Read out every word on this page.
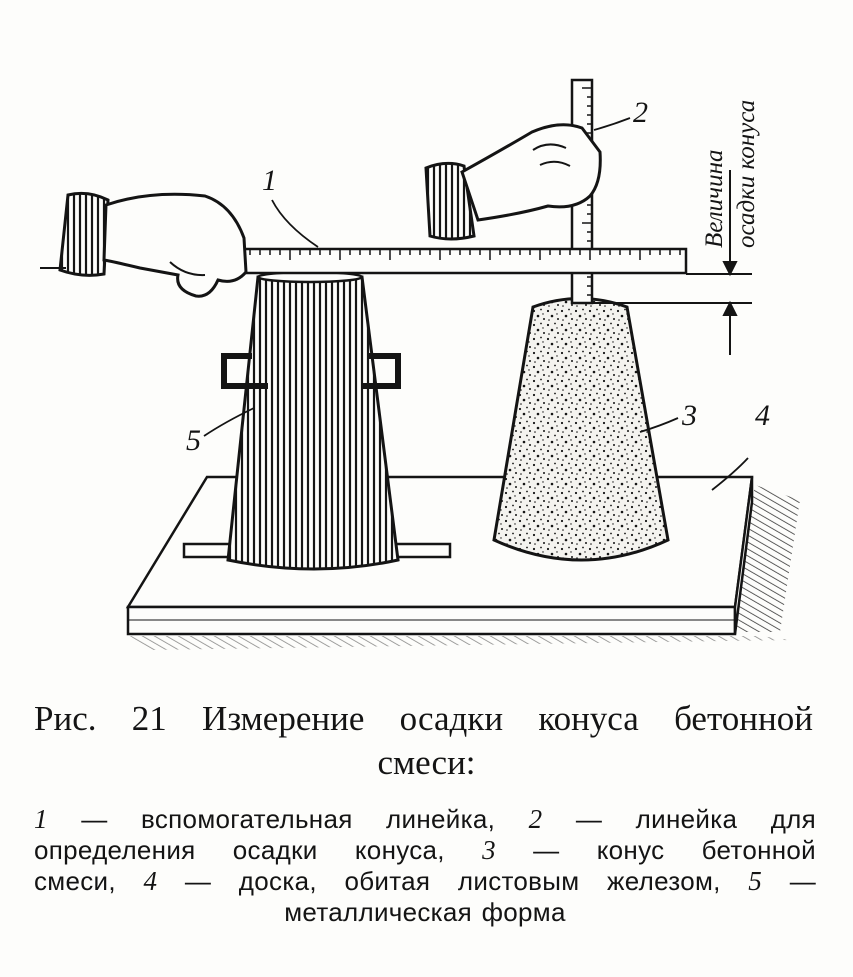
1
2
3 4
5
Величина осадки конуса
Рис. 21 Измерение осадки конуса бетонной
смеси:
1 — вспомогательная линейка, 2 — линейка для
определения осадки конуса, 3 — конус бетонной
смеси, 4 — доска, обитая листовым железом, 5 —
металлическая форма
